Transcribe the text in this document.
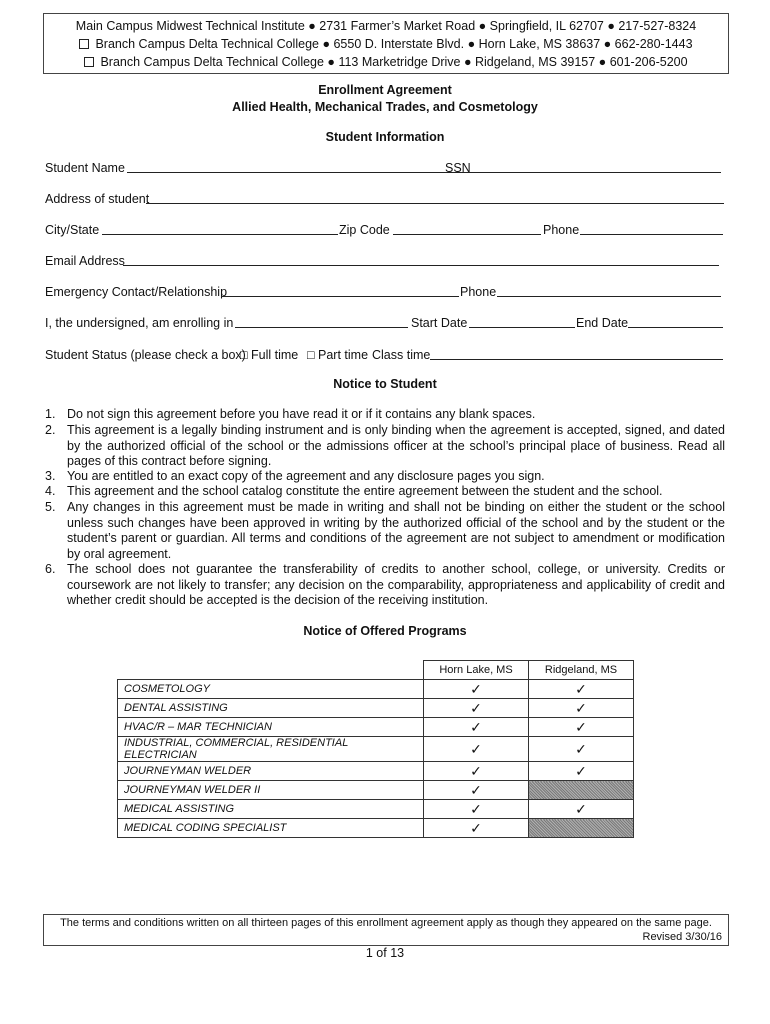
Main Campus Midwest Technical Institute ● 2731 Farmer’s Market Road ● Springfield, IL 62707 ● 217-527-8324
Branch Campus Delta Technical College ● 6550 D. Interstate Blvd. ● Horn Lake, MS 38637 ● 662-280-1443
Branch Campus Delta Technical College ● 113 Marketridge Drive ● Ridgeland, MS 39157 ● 601-206-5200
Enrollment Agreement
Allied Health, Mechanical Trades, and Cosmetology
Student Information
Student Name	SSN
Address of student
City/State	Zip Code	Phone
Email Address
Emergency Contact/Relationship	Phone
I, the undersigned, am enrolling in	Start Date	End Date
Student Status (please check a box)
□ Full time □ Part time Class time
Notice to Student
1. Do not sign this agreement before you have read it or if it contains any blank spaces.
2. This agreement is a legally binding instrument and is only binding when the agreement is accepted, signed, and dated by the authorized official of the school or the admissions officer at the school’s principal place of business. Read all pages of this contract before signing.
3. You are entitled to an exact copy of the agreement and any disclosure pages you sign.
4. This agreement and the school catalog constitute the entire agreement between the student and the school.
5. Any changes in this agreement must be made in writing and shall not be binding on either the student or the school unless such changes have been approved in writing by the authorized official of the school and by the student or the student’s parent or guardian. All terms and conditions of the agreement are not subject to amendment or modification by oral agreement.
6. The school does not guarantee the transferability of credits to another school, college, or university. Credits or coursework are not likely to transfer; any decision on the comparability, appropriateness and applicability of credit and whether credit should be accepted is the decision of the receiving institution.
Notice of Offered Programs
	Horn Lake, MS	Ridgeland, MS
COSMETOLOGY	✓	✓
DENTAL ASSISTING	✓	✓
HVAC/R – MAR TECHNICIAN	✓	✓
INDUSTRIAL, COMMERCIAL, RESIDENTIAL ELECTRICIAN	✓	✓
JOURNEYMAN WELDER	✓	✓
JOURNEYMAN WELDER II	✓	
MEDICAL ASSISTING	✓	✓
MEDICAL CODING SPECIALIST	✓	
The terms and conditions written on all thirteen pages of this enrollment agreement apply as though they appeared on the same page.
Revised 3/30/16
1 of 13
